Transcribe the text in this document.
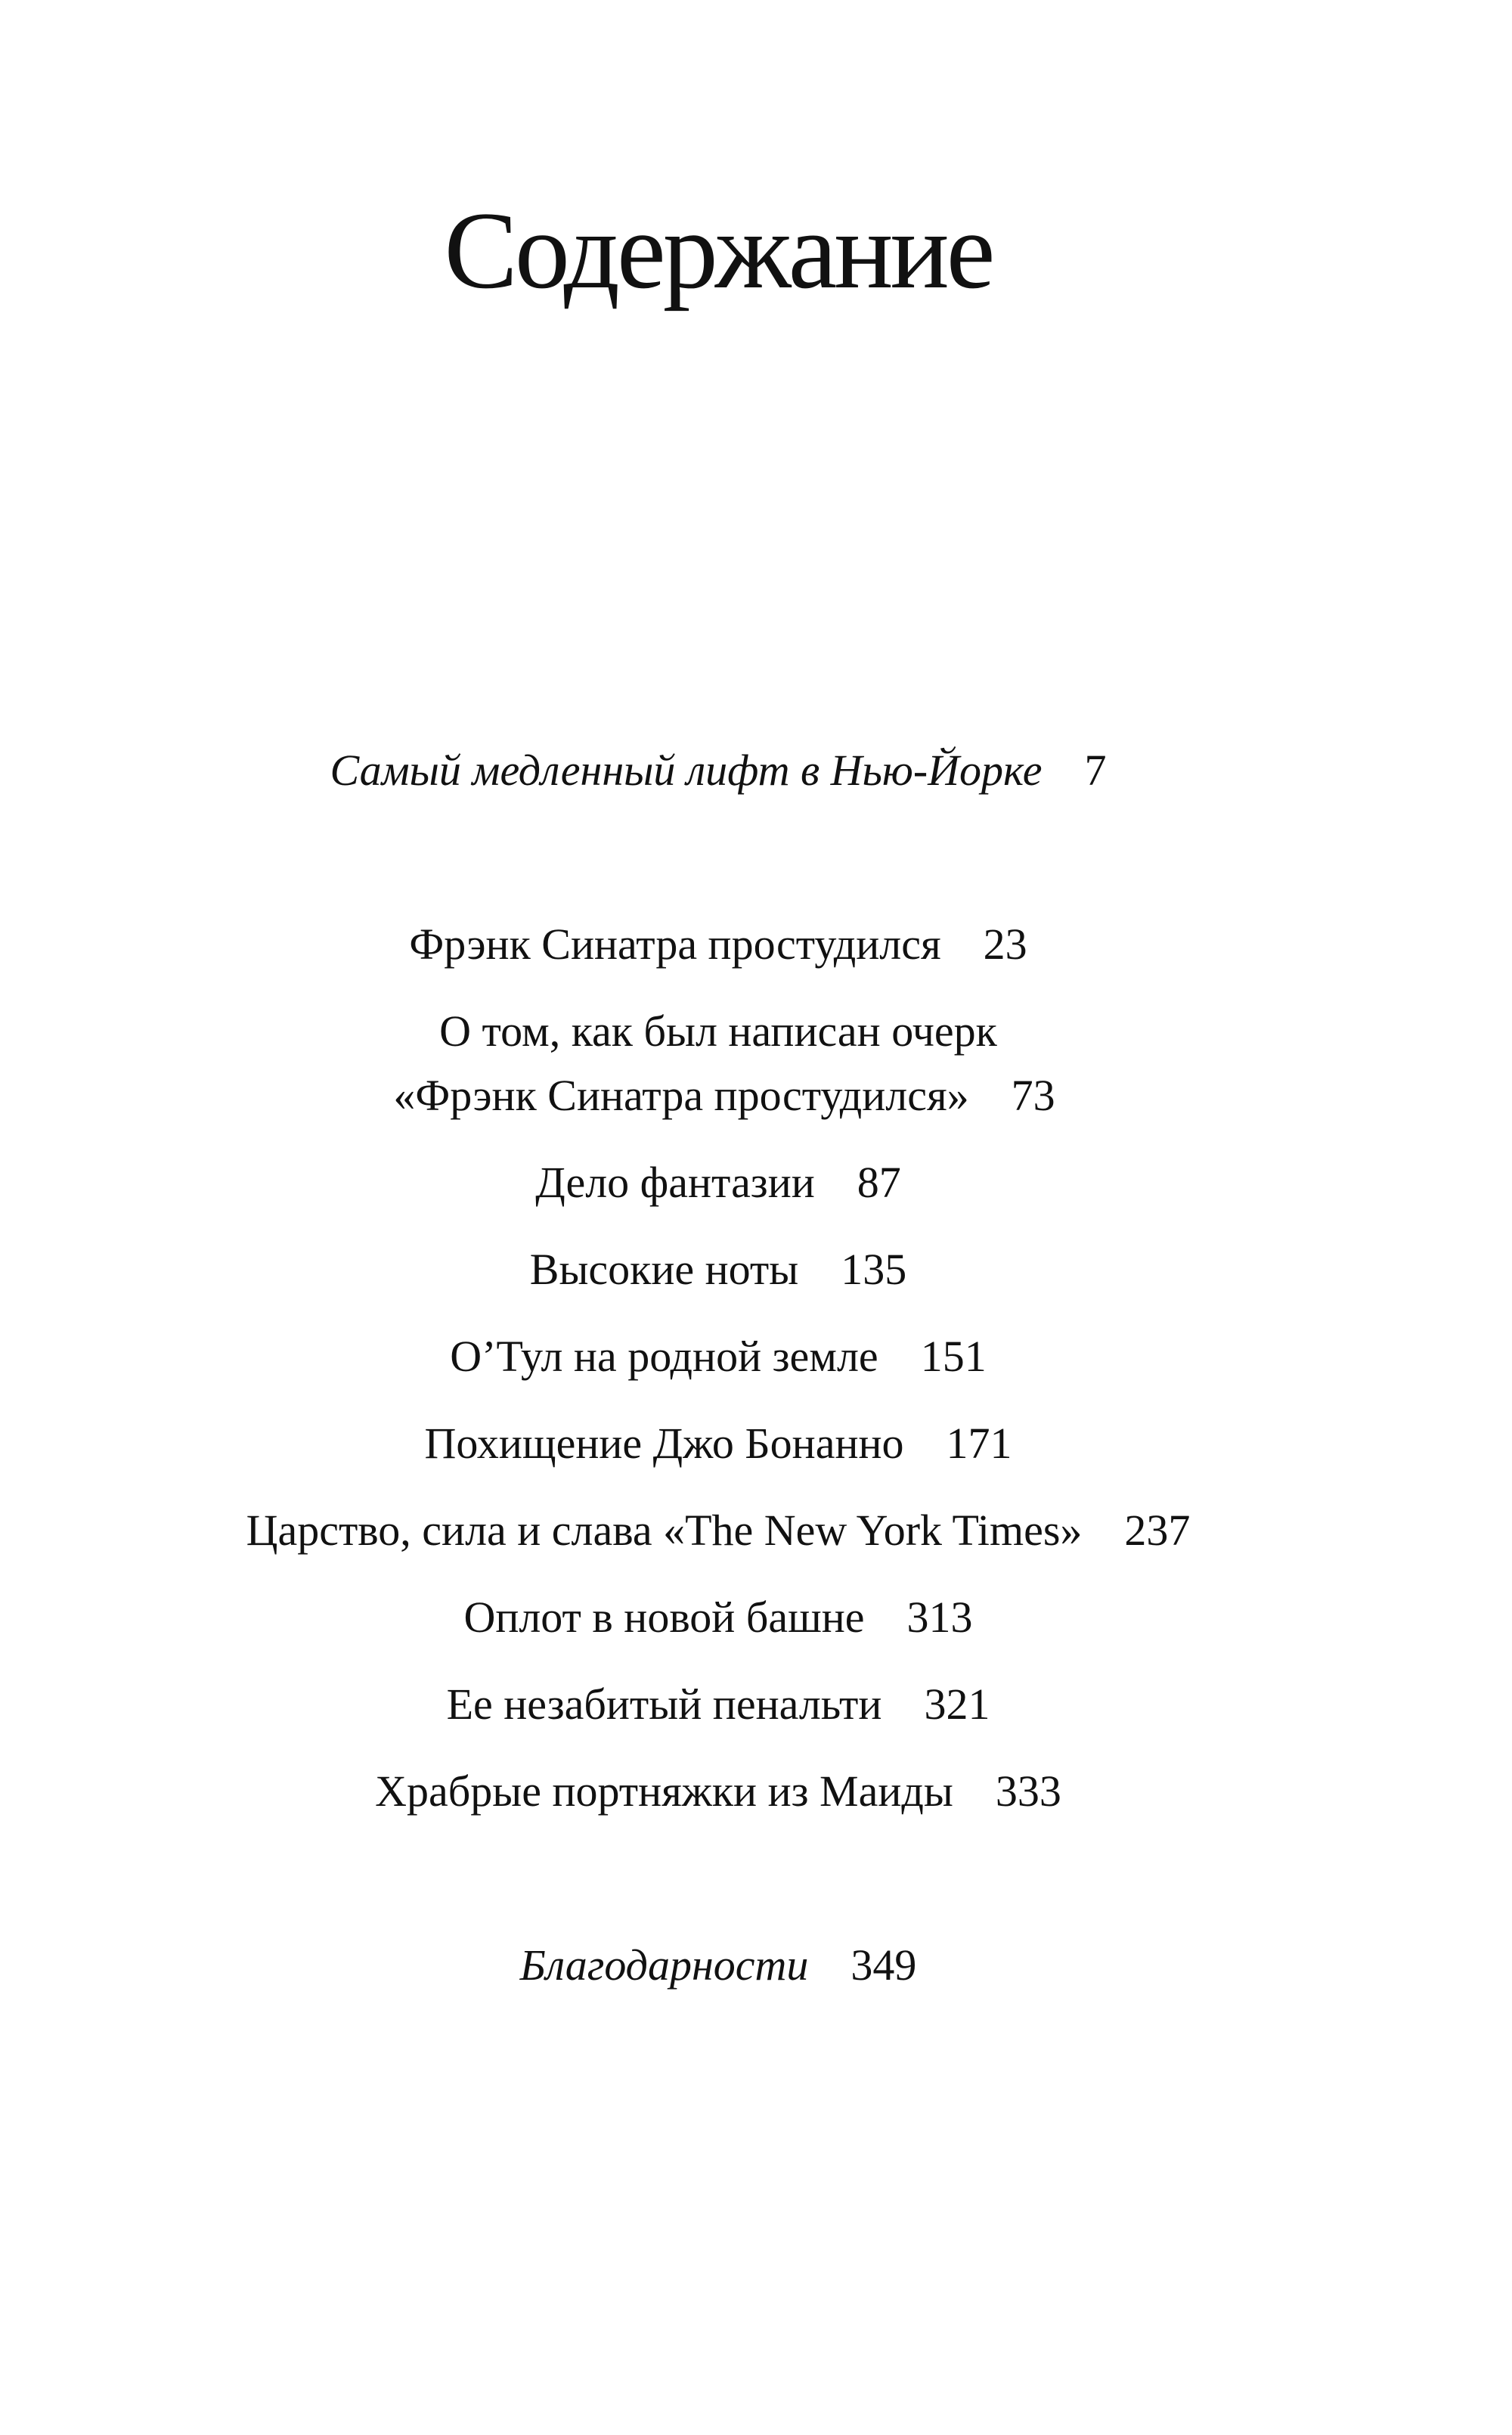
Содержание
Самый медленный лифт в Нью-Йорке 7
Фрэнк Синатра простудился 23
О том, как был написан очерк
«Фрэнк Синатра простудился» 73
Дело фантазии 87
Высокие ноты 135
О’Тул на родной земле 151
Похищение Джо Бонанно 171
Царство, сила и слава «The New York Times» 237
Оплот в новой башне 313
Ее незабитый пенальти 321
Храбрые портняжки из Маиды 333
Благодарности 349
